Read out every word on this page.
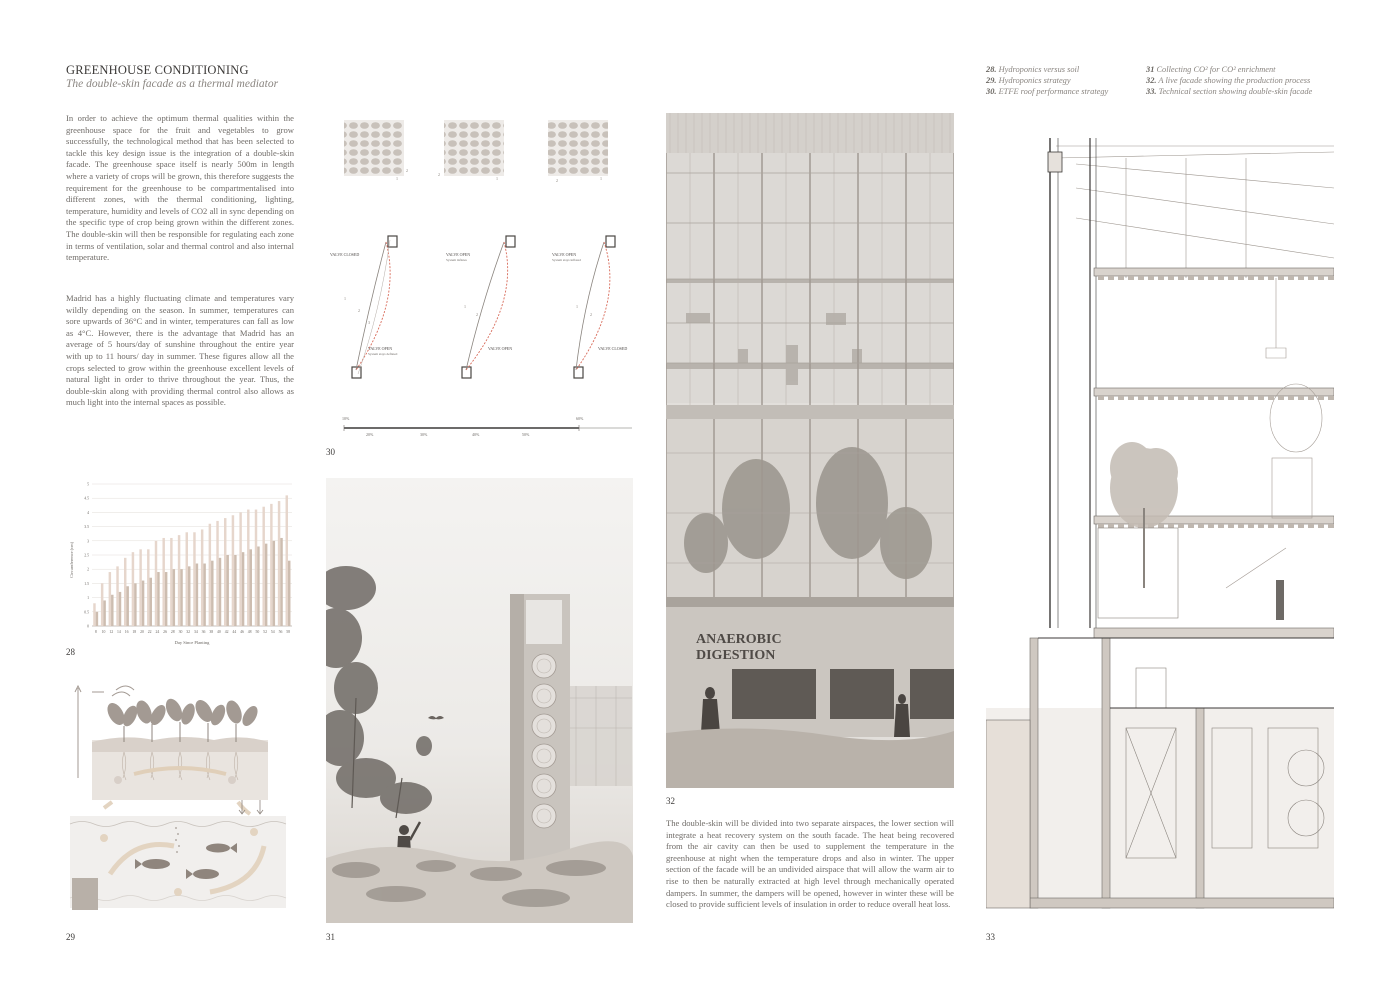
GREENHOUSE CONDITIONING
The double-skin facade as a thermal mediator
28. Hydroponics versus soil
29. Hydroponics strategy
30. ETFE roof performance strategy
31 Collecting CO² for CO² enrichment
32. A live facade showing the production process
33. Technical section showing double-skin facade
In order to achieve the optimum thermal qualities within the greenhouse space for the fruit and vegetables to grow successfully, the technological method that has been selected to tackle this key design issue is the integration of a double-skin facade. The greenhouse space itself is nearly 500m in length where a variety of crops will be grown, this therefore suggests the requirement for the greenhouse to be compartmentalised into different zones, with the thermal conditioning, lighting, temperature, humidity and levels of CO2 all in sync depending on the specific type of crop being grown within the different zones. The double-skin will then be responsible for regulating each zone in terms of ventilation, solar and thermal control and also internal temperature.
Madrid has a highly fluctuating climate and temperatures vary wildly depending on the season. In summer, temperatures can sore upwards of 36°C and in winter, temperatures can fall as low as 4°C. However, there is the advantage that Madrid has an average of 5 hours/day of sunshine throughout the entire year with up to 11 hours/ day in summer. These figures allow all the crops selected to grow within the greenhouse excellent levels of natural light in order to thrive throughout the year. Thus, the double-skin along with providing thermal control also allows as much light into the internal spaces as possible.
The double-skin will be divided into two separate airspaces, the lower section will integrate a heat recovery system on the south facade. The heat being recovered from the air cavity can then be used to supplement the temperature in the greenhouse at night when the temperature drops and also in winter. The upper section of the facade will be an undivided airspace that will allow the warm air to rise to then be naturally extracted at high level through mechanically operated dampers. In summer, the dampers will be opened, however in winter these will be closed to provide sufficient levels of insulation in order to reduce overall heat loss.
28
29
30
31
32
33
0
0.5
1
1.5
2
2.5
3
3.5
4
4.5
5
8 10 12 14 16 18 20 22 24 26 28 30 32 34 36 38 40 42 44 46 48 50 52 54 56 58
Circumference (cm)
Day Since Planting
1
2
1
2
1
2
VALVE CLOSED
VALVE OPEN
System stays deflated
1
2
3
VALVE OPEN
System inflates
VALVE OPEN
1
2
VALVE OPEN
System stays inflated
VALVE CLOSED
1
2
10%	60%
20%	30%	40%	50%
ANAEROBIC
DIGESTION
